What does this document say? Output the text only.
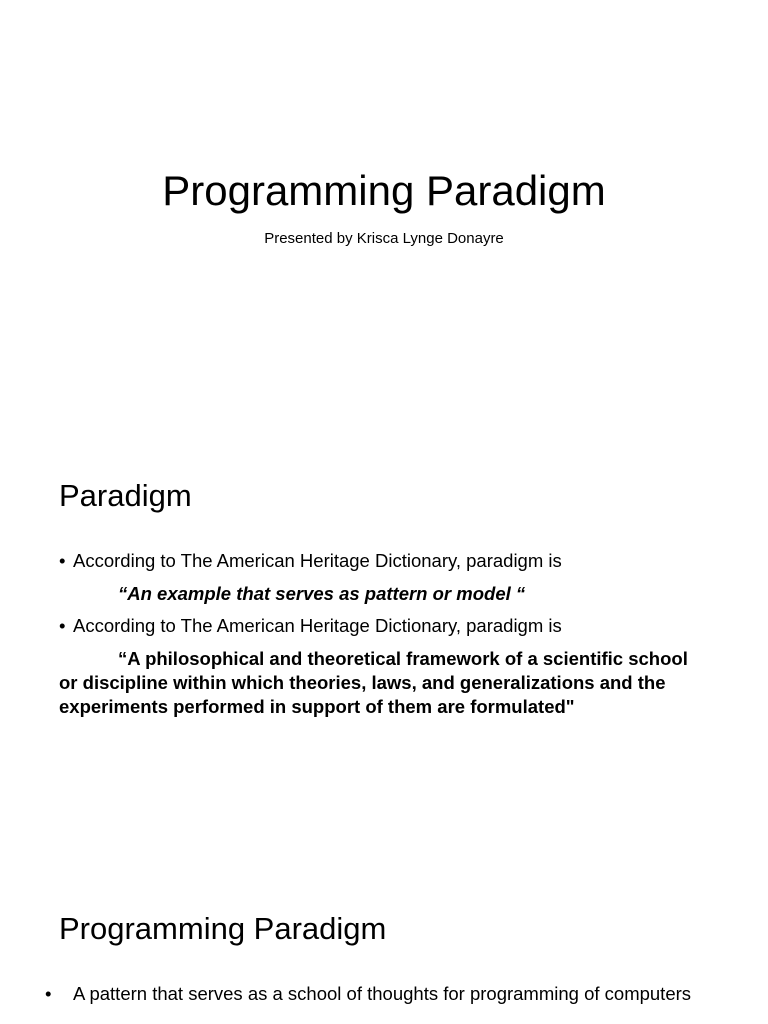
Programming Paradigm

Presented by Krisca Lynge Donayre

Paradigm

• According to The American Heritage Dictionary, paradigm is

“An example that serves as pattern or model “

• According to The American Heritage Dictionary, paradigm is

“A philosophical and theoretical framework of a scientific school or discipline within which theories, laws, and generalizations and the experiments performed in support of them are formulated"

Programming Paradigm

• A pattern that serves as a school of thoughts for programming of computers
